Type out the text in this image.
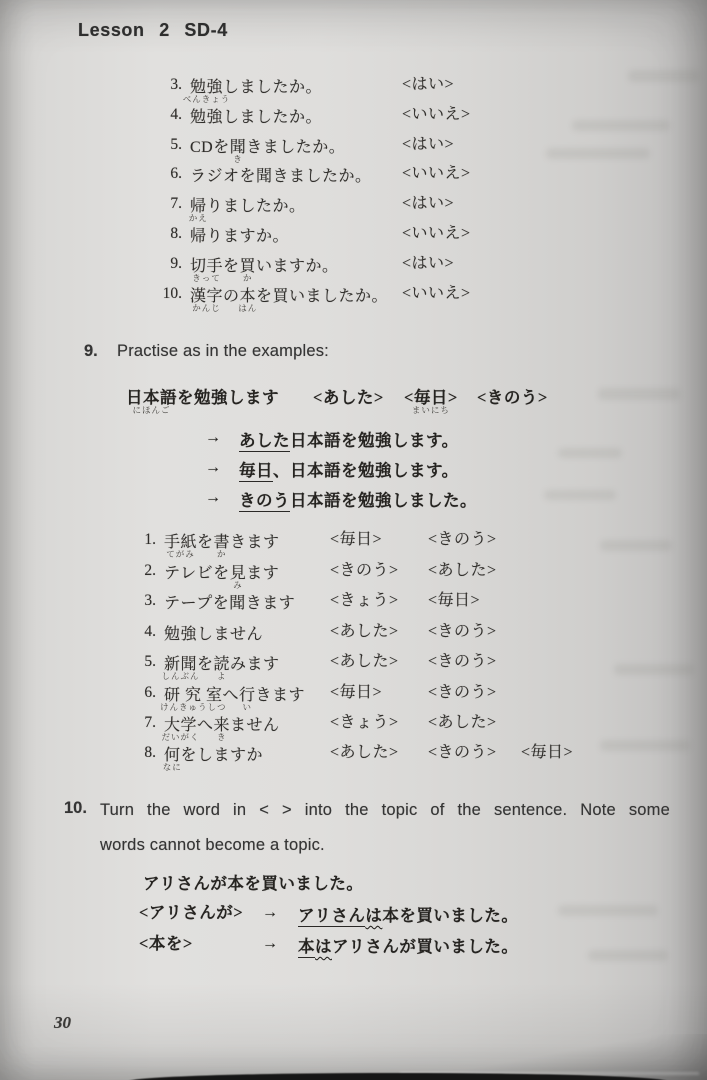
Lesson 2 SD-4
3. 勉強
べんきょう
しましたか。	<はい>
4. 勉強しましたか。	<いいえ>
5. CDを聞
き
きましたか。	<はい>
6. ラジオを聞きましたか。 <いいえ>
7. 帰
かえ
りましたか。	<はい>
8. 帰りますか。	<いいえ>
9. 切手
きって
を買
か
いますか。	<はい>
10. 漢字
かんじ
の本
はん
を買いましたか。 <いいえ>
9. Practise as in the examples:
日本語
にほんご
を勉強します <あした> <毎日
まいにち
> <きのう>
→ あした日本語を勉強します。
→ 毎日、日本語を勉強します。
→ きのう日本語を勉強しました。
1. 手紙
てがみ
を書
か
きます	<毎日>	<きのう>
2. テレビを見
み
ます	<きのう> <あした>
3. テープを聞きます <きょう> <毎日>
4. 勉強しません	<あした> <きのう>
5. 新聞
しんぶん
を読
よ
みます	<あした> <きのう>
6. 研 究 室
けんきゅうしつ
へ行
い
きます <毎日>	<きのう>
7. 大学
だいがく
へ来
き
ません	<きょう> <あした>
8. 何
なに
をしますか	<あした> <きのう> <毎日>
10. Turn the word in < > into the topic of the sentence. Note some
words cannot become a topic.
アリさんが本を買いました。
<アリさんが> → アリさんは本を買いました。
<本を>	→ 本はアリさんが買いました。
30
